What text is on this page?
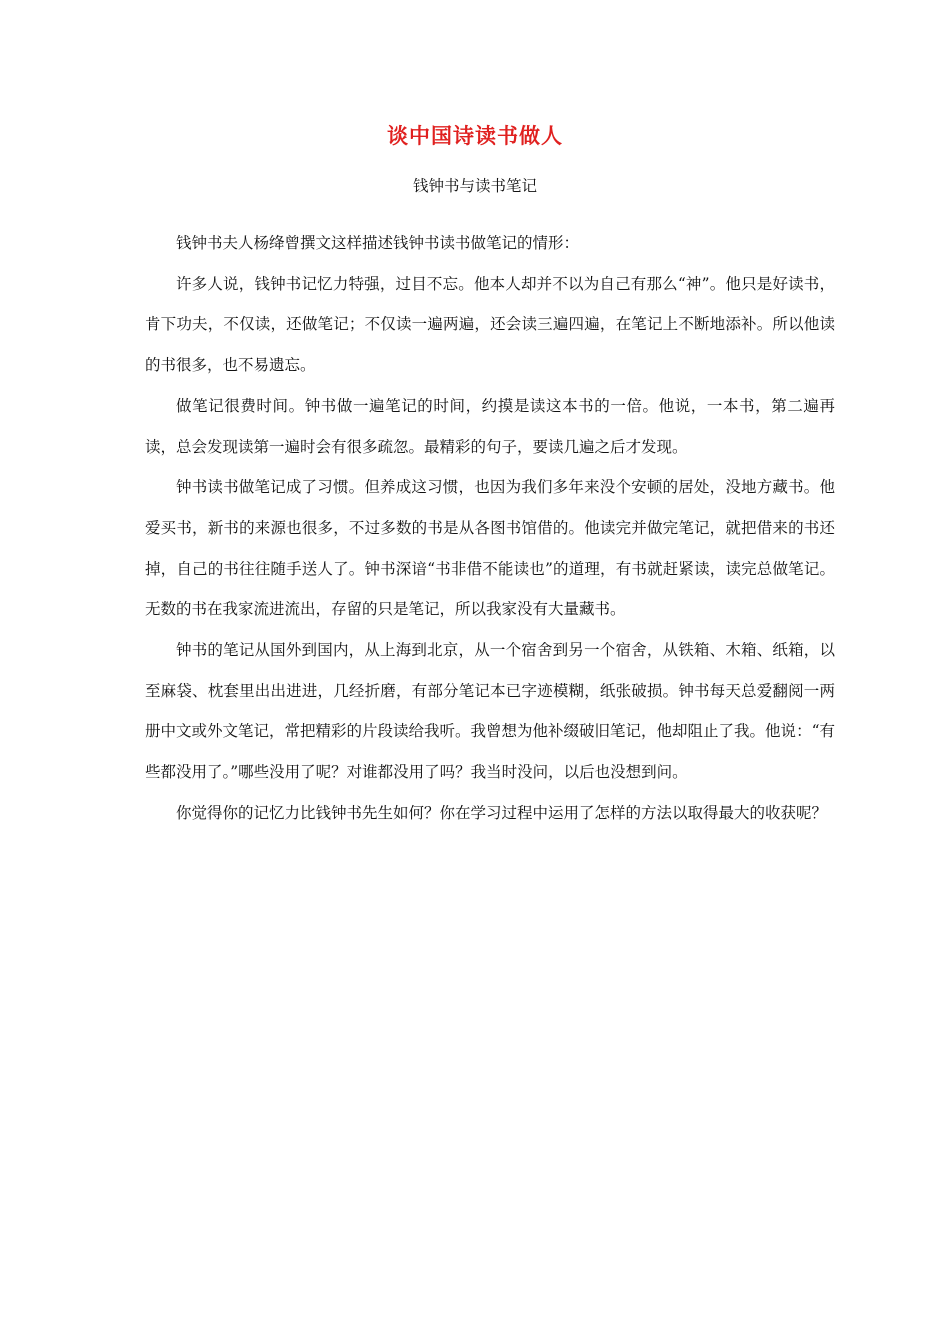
谈中国诗读书做人
钱钟书与读书笔记

钱钟书夫人杨绛曾撰文这样描述钱钟书读书做笔记的情形：

许多人说，钱钟书记忆力特强，过目不忘。他本人却并不以为自己有那么“神”。他只是好读书，肯下功夫，不仅读，还做笔记；不仅读一遍两遍，还会读三遍四遍，在笔记上不断地添补。所以他读的书很多，也不易遗忘。

做笔记很费时间。钟书做一遍笔记的时间，约摸是读这本书的一倍。他说，一本书，第二遍再读，总会发现读第一遍时会有很多疏忽。最精彩的句子，要读几遍之后才发现。

钟书读书做笔记成了习惯。但养成这习惯，也因为我们多年来没个安顿的居处，没地方藏书。他爱买书，新书的来源也很多，不过多数的书是从各图书馆借的。他读完并做完笔记，就把借来的书还掉，自己的书往往随手送人了。钟书深谙“书非借不能读也”的道理，有书就赶紧读，读完总做笔记。无数的书在我家流进流出，存留的只是笔记，所以我家没有大量藏书。

钟书的笔记从国外到国内，从上海到北京，从一个宿舍到另一个宿舍，从铁箱、木箱、纸箱，以至麻袋、枕套里出出进进，几经折磨，有部分笔记本已字迹模糊，纸张破损。钟书每天总爱翻阅一两册中文或外文笔记，常把精彩的片段读给我听。我曾想为他补缀破旧笔记，他却阻止了我。他说：“有些都没用了。”哪些没用了呢？对谁都没用了吗？我当时没问，以后也没想到问。

你觉得你的记忆力比钱钟书先生如何？你在学习过程中运用了怎样的方法以取得最大的收获呢？
